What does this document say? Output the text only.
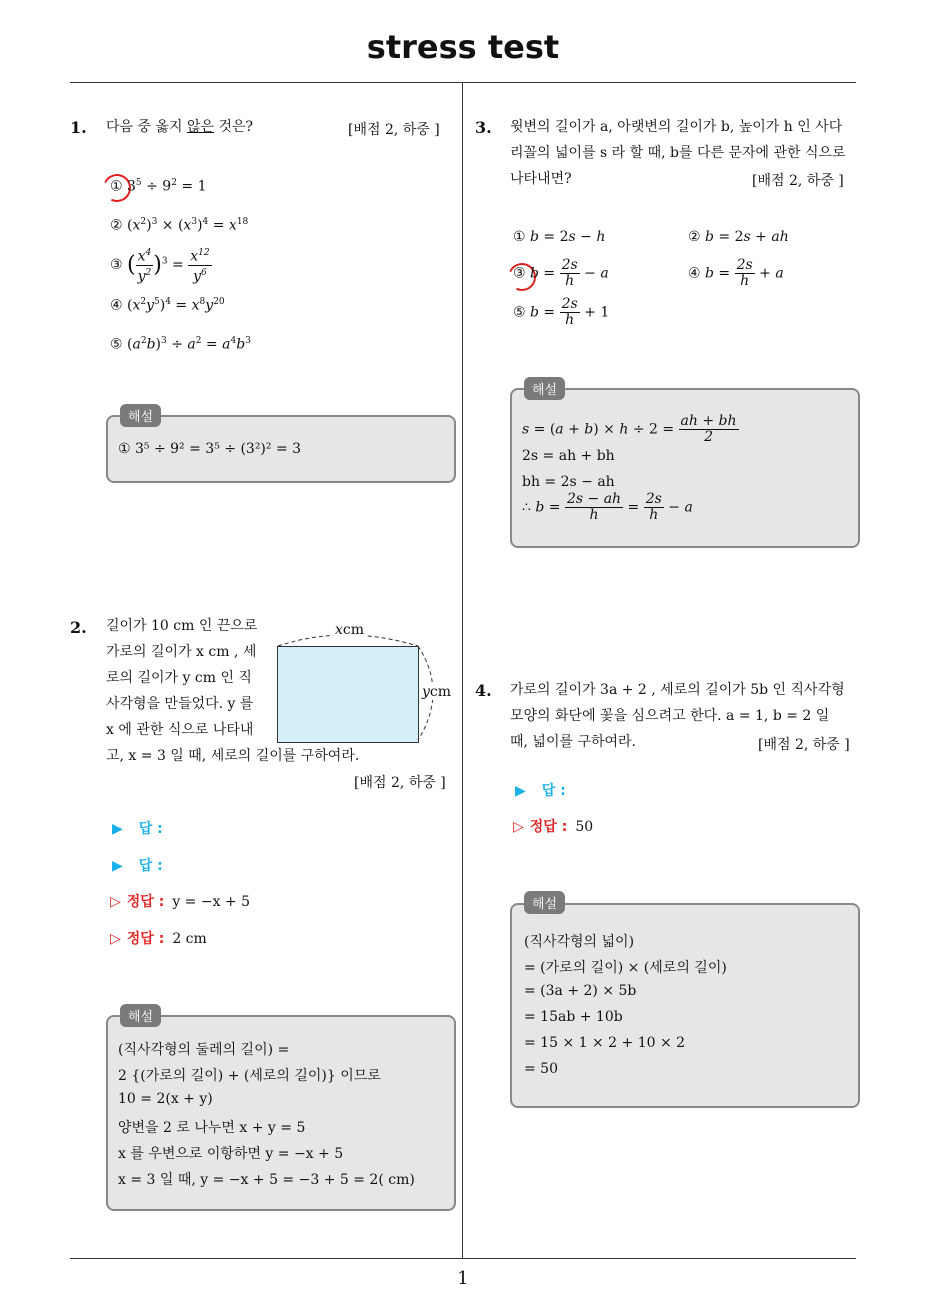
stress test
1
1. 다음 중 옳지 않은 것은?	[배점 2, 하중 ]
① $3^5 \div 9^2 = 1$
② $(x^2)^3 \times (x^3)^4 = x^{18}$
③ ( $\frac{x^4}{y^2} )^3 = \frac{x^{12}}{y^6}$
④ $(x^2y^5)^4 = x^8y^{20}$
⑤ $(a^2b)^3 \div a^2 = a^4b^3$
① 3⁵ ÷ 9² = 3⁵ ÷ (3²)² = 3
해설
2. 길이가 10 cm 인 끈으로
가로의 길이가 x cm , 세
로의 길이가 y cm 인 직
사각형을 만들었다. y 를
x 에 관한 식으로 나타내
고, x = 3 일 때, 세로의 길이를 구하여라.
[배점 2, 하중 ]
xcm
ycm
▶ 답 :
▶ 답 :
▷ 정답 : y = −x + 5
▷ 정답 : 2 cm
(직사각형의 둘레의 길이) =
2 {(가로의 길이) + (세로의 길이)} 이므로
10 = 2(x + y)
양변을 2 로 나누면 x + y = 5
x 를 우변으로 이항하면 y = −x + 5
x = 3 일 때, y = −x + 5 = −3 + 5 = 2( cm)
해설
3. 윗변의 길이가 a, 아랫변의 길이가 b, 높이가 h 인 사다
리꼴의 넓이를 s 라 할 때, b를 다른 문자에 관한 식으로
나타내면?	[배점 2, 하중 ]
① b = 2s − h	② b = 2s + ah
③ $b = \frac{2s}{h} - a$	④ $b = \frac{2s}{h} + a$
⑤ $b = \frac{2s}{h} + 1$
$s = (a + b) \times h \div 2 = \frac{ah + bh}{2}$
2s = ah + bh
bh = 2s − ah
∴ $b = \frac{2s - ah}{h} = \frac{2s}{h} - a$
해설
4. 가로의 길이가 3a + 2 , 세로의 길이가 5b 인 직사각형
모양의 화단에 꽃을 심으려고 한다. a = 1, b = 2 일
때, 넓이를 구하여라.	[배점 2, 하중 ]
▶ 답 :
▷ 정답 : 50
(직사각형의 넓이)
= (가로의 길이) × (세로의 길이)
= (3a + 2) × 5b
= 15ab + 10b
= 15 × 1 × 2 + 10 × 2
= 50
해설
